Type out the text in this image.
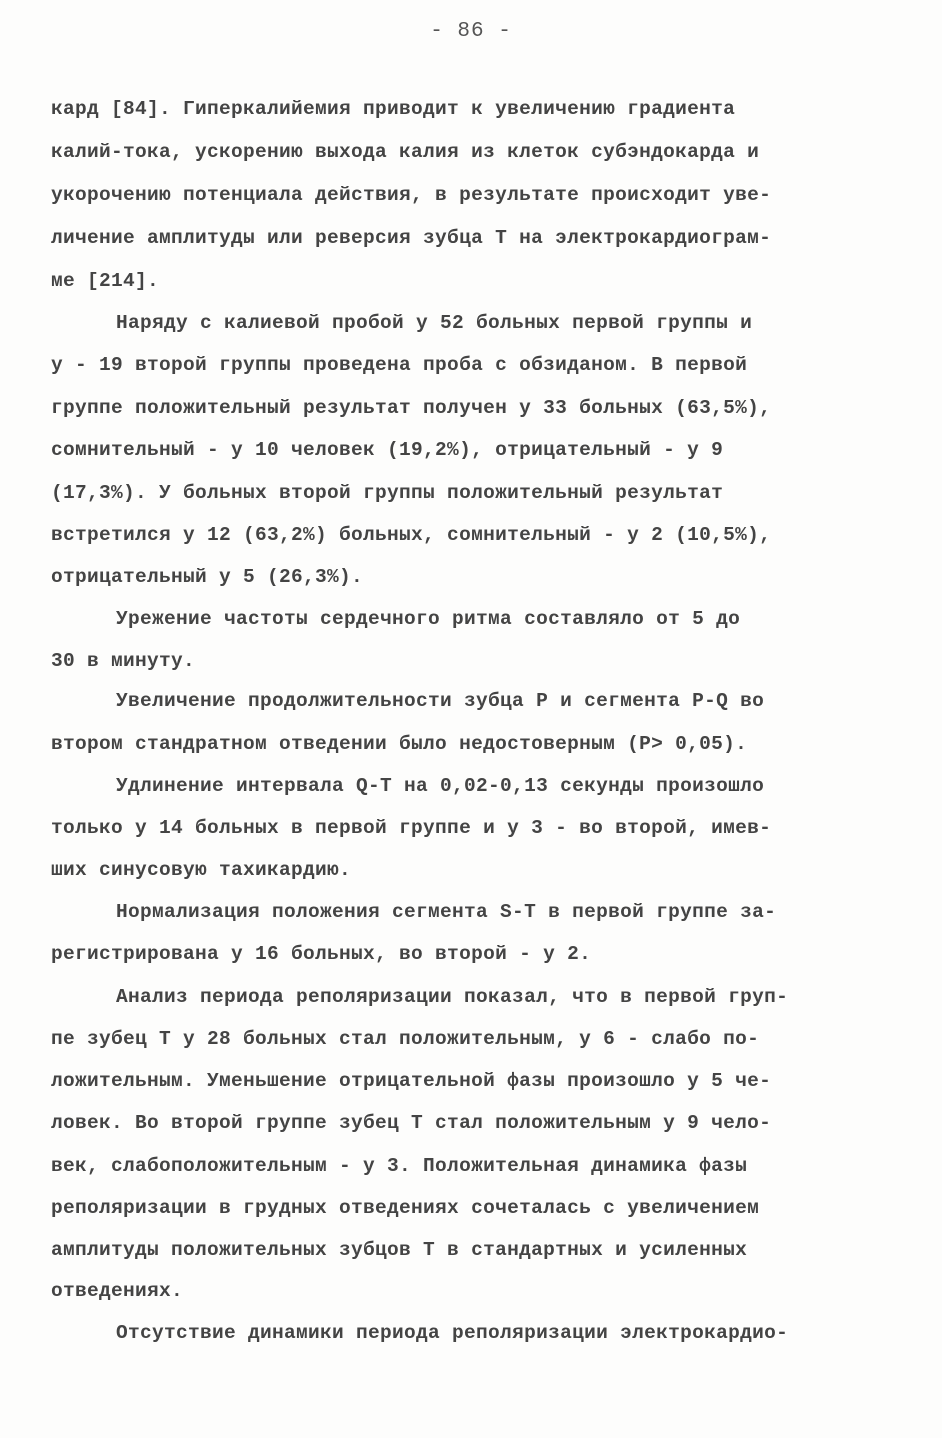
- 86 -
кард [84]. Гиперкалийемия приводит к увеличению градиента
калий-тока, ускорению выхода калия из клеток субэндокарда и
укорочению потенциала действия, в результате происходит уве-
личение амплитуды или реверсия зубца Т на электрокардиограм-
ме [214].
Наряду с калиевой пробой у 52 больных первой группы и
у - 19 второй группы проведена проба с обзиданом. В первой
группе положительный результат получен у 33 больных (63,5%),
сомнительный - у 10 человек (19,2%), отрицательный - у 9
(17,3%). У больных второй группы положительный результат
встретился у 12 (63,2%) больных, сомнительный - у 2 (10,5%),
отрицательный у 5 (26,3%).
Урежение частоты сердечного ритма составляло от 5 до
30 в минуту.
Увеличение продолжительности зубца Р и сегмента P-Q во
втором стандратном отведении было недостоверным (P> 0,05).
Удлинение интервала Q-T на 0,02-0,13 секунды произошло
только у 14 больных в первой группе и у 3 - во второй, имев-
ших синусовую тахикардию.
Нормализация положения сегмента S-T в первой группе за-
регистрирована у 16 больных, во второй - у 2.
Анализ периода реполяризации показал, что в первой груп-
пе зубец Т у 28 больных стал положительным, у 6 - слабо по-
ложительным. Уменьшение отрицательной фазы произошло у 5 че-
ловек. Во второй группе зубец Т стал положительным у 9 чело-
век, слабоположительным - у 3. Положительная динамика фазы
реполяризации в грудных отведениях сочеталась с увеличением
амплитуды положительных зубцов Т в стандартных и усиленных
отведениях.
Отсутствие динамики периода реполяризации электрокардио-
